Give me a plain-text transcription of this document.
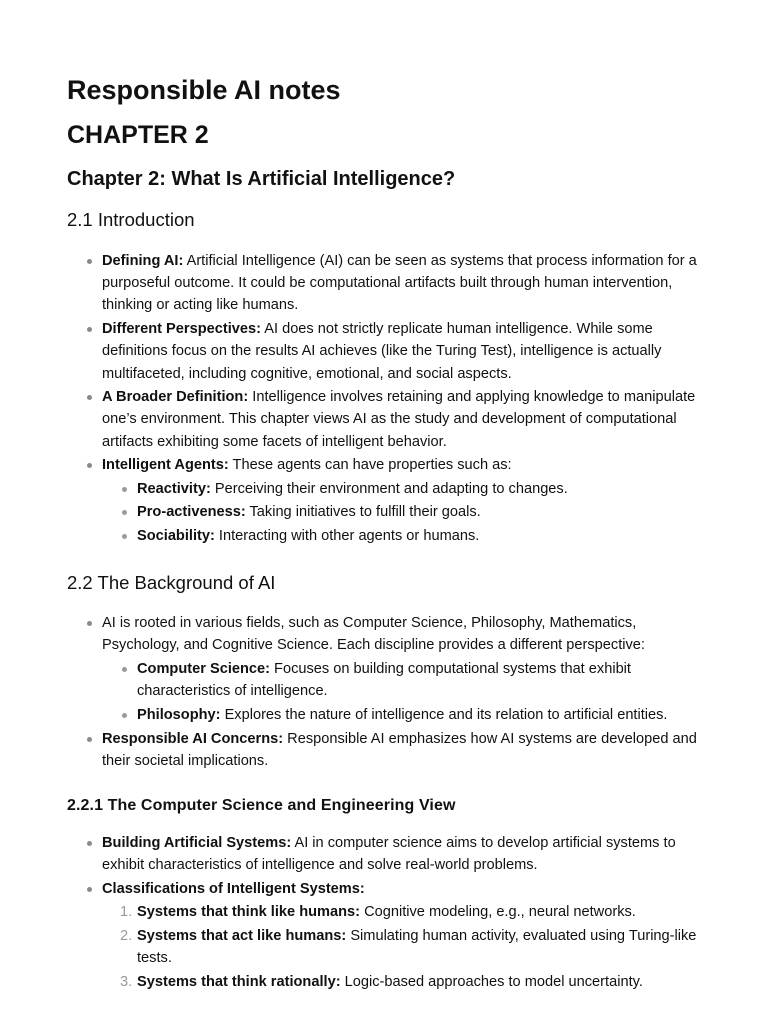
Responsible AI notes
CHAPTER 2
Chapter 2: What Is Artificial Intelligence?
2.1 Introduction
Defining AI: Artificial Intelligence (AI) can be seen as systems that process information for a purposeful outcome. It could be computational artifacts built through human intervention, thinking or acting like humans.
Different Perspectives: AI does not strictly replicate human intelligence. While some definitions focus on the results AI achieves (like the Turing Test), intelligence is actually multifaceted, including cognitive, emotional, and social aspects.
A Broader Definition: Intelligence involves retaining and applying knowledge to manipulate one’s environment. This chapter views AI as the study and development of computational artifacts exhibiting some facets of intelligent behavior.
Intelligent Agents: These agents can have properties such as:
Reactivity: Perceiving their environment and adapting to changes.
Pro-activeness: Taking initiatives to fulfill their goals.
Sociability: Interacting with other agents or humans.
2.2 The Background of AI
AI is rooted in various fields, such as Computer Science, Philosophy, Mathematics, Psychology, and Cognitive Science. Each discipline provides a different perspective:
Computer Science: Focuses on building computational systems that exhibit characteristics of intelligence.
Philosophy: Explores the nature of intelligence and its relation to artificial entities.
Responsible AI Concerns: Responsible AI emphasizes how AI systems are developed and their societal implications.
2.2.1 The Computer Science and Engineering View
Building Artificial Systems: AI in computer science aims to develop artificial systems to exhibit characteristics of intelligence and solve real-world problems.
Classifications of Intelligent Systems:
1. Systems that think like humans: Cognitive modeling, e.g., neural networks.
2. Systems that act like humans: Simulating human activity, evaluated using Turing-like tests.
3. Systems that think rationally: Logic-based approaches to model uncertainty.
